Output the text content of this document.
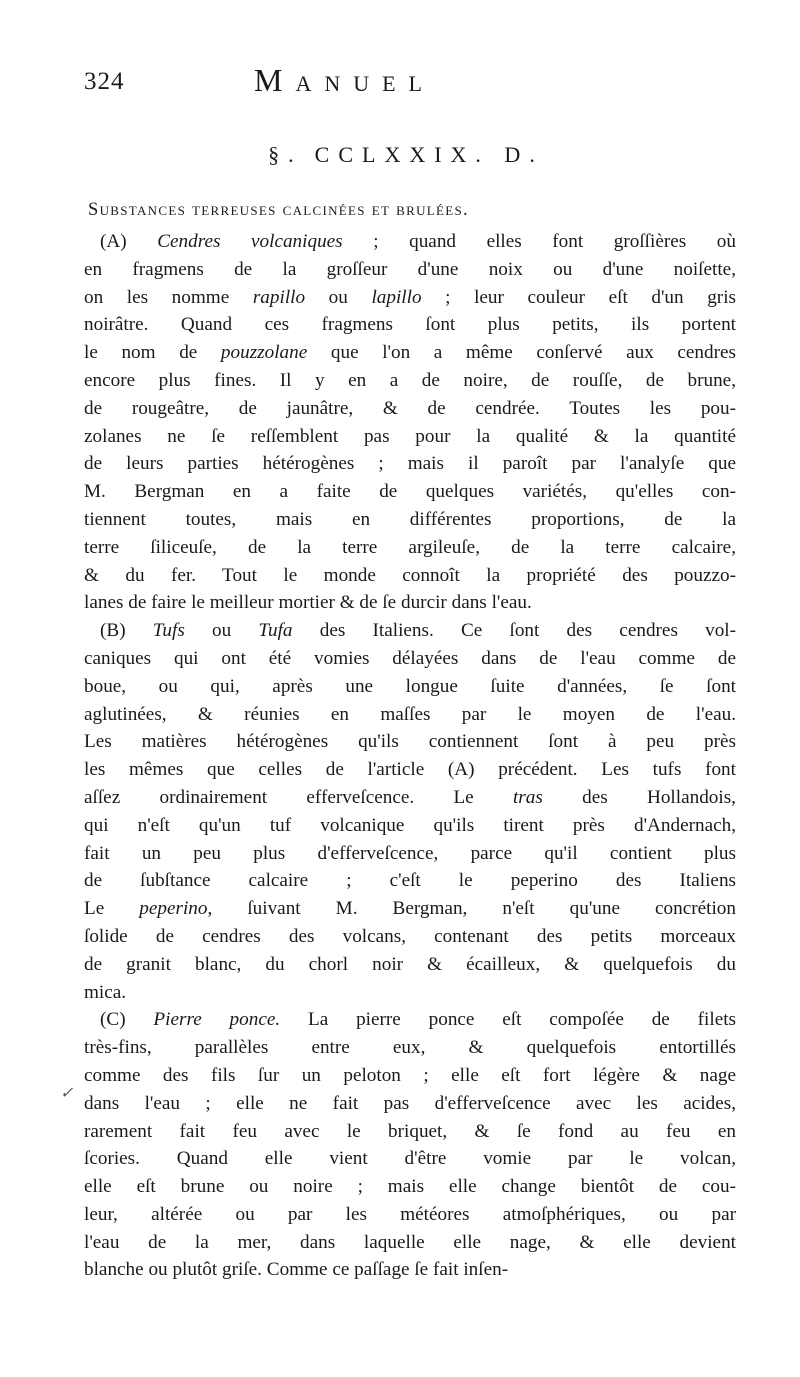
324	Manuel
§. CCLXXIX. D.
Substances terreuses calcinées et brulées.
✓
(A) Cendres volcaniques ; quand elles font groſſières où
en fragmens de la groſſeur d'une noix ou d'une noiſette,
on les nomme rapillo ou lapillo ; leur couleur eſt d'un gris
noirâtre. Quand ces fragmens ſont plus petits, ils portent
le nom de pouzzolane que l'on a même conſervé aux cendres
encore plus fines. Il y en a de noire, de rouſſe, de brune,
de rougeâtre, de jaunâtre, & de cendrée. Toutes les pou-
zolanes ne ſe reſſemblent pas pour la qualité & la quantité
de leurs parties hétérogènes ; mais il paroît par l'analyſe que
M. Bergman en a faite de quelques variétés, qu'elles con-
tiennent toutes, mais en différentes proportions, de la
terre ſiliceuſe, de la terre argileuſe, de la terre calcaire,
& du fer. Tout le monde connoît la propriété des pouzzo-
lanes de faire le meilleur mortier & de ſe durcir dans l'eau.
(B) Tufs ou Tufa des Italiens. Ce ſont des cendres vol-
caniques qui ont été vomies délayées dans de l'eau comme de
boue, ou qui, après une longue ſuite d'années, ſe ſont
aglutinées, & réunies en maſſes par le moyen de l'eau.
Les matières hétérogènes qu'ils contiennent ſont à peu près
les mêmes que celles de l'article (A) précédent. Les tufs font
aſſez ordinairement efferveſcence. Le tras des Hollandois,
qui n'eſt qu'un tuf volcanique qu'ils tirent près d'Andernach,
fait un peu plus d'efferveſcence, parce qu'il contient plus
de ſubſtance calcaire ; c'eſt le peperino des Italiens
Le peperino, ſuivant M. Bergman, n'eſt qu'une concrétion
ſolide de cendres des volcans, contenant des petits morceaux
de granit blanc, du chorl noir & écailleux, & quelquefois du
mica.
(C) Pierre ponce. La pierre ponce eſt compoſée de filets
très-fins, parallèles entre eux, & quelquefois entortillés
comme des fils ſur un peloton ; elle eſt fort légère & nage
dans l'eau ; elle ne fait pas d'efferveſcence avec les acides,
rarement fait feu avec le briquet, & ſe fond au feu en
ſcories. Quand elle vient d'être vomie par le volcan,
elle eſt brune ou noire ; mais elle change bientôt de cou-
leur, altérée ou par les météores atmoſphériques, ou par
l'eau de la mer, dans laquelle elle nage, & elle devient
blanche ou plutôt griſe. Comme ce paſſage ſe fait inſen-
